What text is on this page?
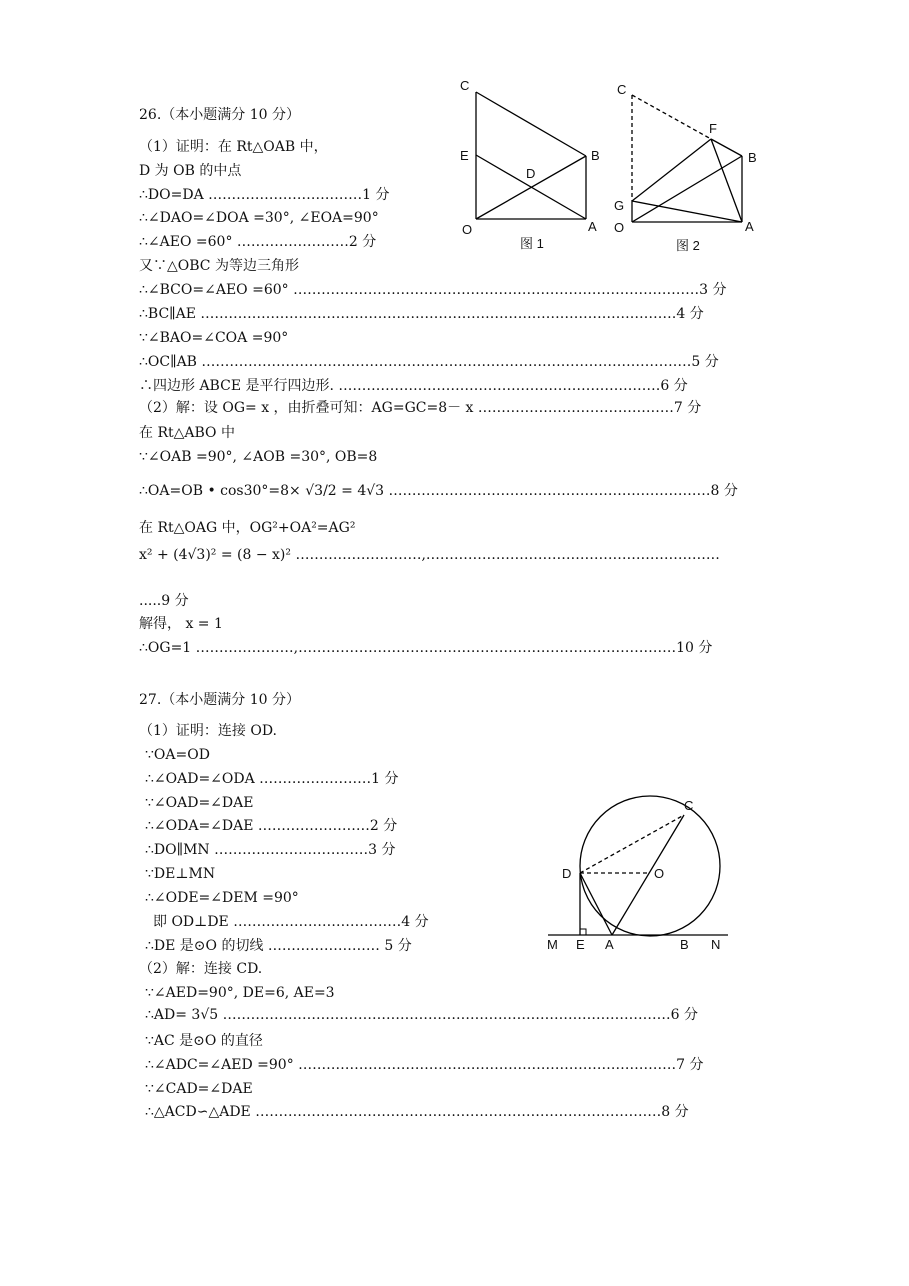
26.（本小题满分 10 分）
（1）证明：在 Rt△OAB 中，
D 为 OB 的中点
∴DO=DA ……………………………1 分
∴∠DAO=∠DOA =30°, ∠EOA=90°
∴∠AEO =60° ……………………2 分
又∵△OBC 为等边三角形
∴∠BCO=∠AEO =60° ……………………………………………………………………………3 分
∴BC∥AE …………………………………………………………………………………………4 分
∵∠BAO=∠COA =90°
∴OC∥AB ……………………………………………………………………………………………5 分
∴四边形 ABCE 是平行四边形. ……………………………………………………………6 分
（2）解：设 OG= x ，由折叠可知：AG=GC=8－ x ……………………………………7 分
在 Rt△ABO 中
∵∠OAB =90°, ∠AOB =30°, OB=8
∴OA=OB • cos30°=8× √3/2 = 4√3 ……………………………………………………………8 分
在 Rt△OAG 中，OG²+OA²=AG²
x² + (4√3)² = (8 − x)² ………………………,………………………………………………………
.....9 分
解得， x = 1
∴OG=1 …………………,………………………………………………………………………10 分
C
E
D
B
O	A
图 1
C
F
B
G
O	A
图 2
27.（本小题满分 10 分）
（1）证明：连接 OD.
∵OA=OD
∴∠OAD=∠ODA ……………………1 分
∵∠OAD=∠DAE
∴∠ODA=∠DAE ……………………2 分
∴DO∥MN ……………………………3 分
∵DE⊥MN
∴∠ODE=∠DEM =90°
即 OD⊥DE ………………………………4 分
∴DE 是⊙O 的切线 …………………… 5 分
（2）解：连接 CD.
∵∠AED=90°, DE=6, AE=3
∴AD= 3√5 ……………………………………………………………………………………6 分
∵AC 是⊙O 的直径
∴∠ADC=∠AED =90° ………………………………………………………………………7 分
∵∠CAD=∠DAE
∴△ACD∽△ADE ……………………………………………………………………………8 分
C
D	O
M E A	B N
